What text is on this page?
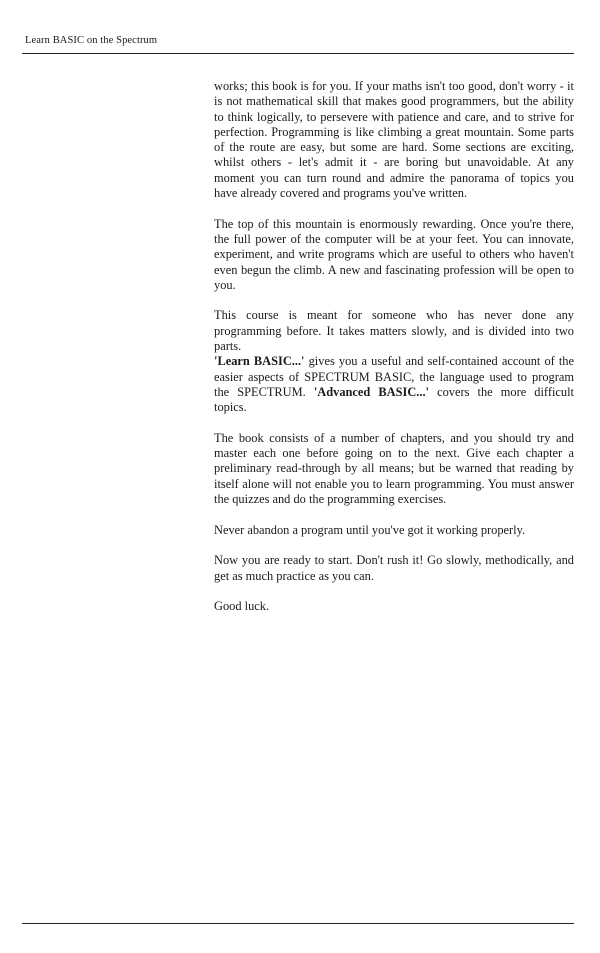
Learn BASIC on the Spectrum

works; this book is for you. If your maths isn't too good, don't worry - it is not mathematical skill that makes good programmers, but the ability to think logically, to persevere with patience and care, and to strive for perfection. Programming is like climbing a great mountain. Some parts of the route are easy, but some are hard. Some sections are exciting, whilst others - let's admit it - are boring but unavoidable. At any moment you can turn round and admire the panorama of topics you have already covered and programs you've written.

The top of this mountain is enormously rewarding. Once you're there, the full power of the computer will be at your feet. You can innovate, experiment, and write programs which are useful to others who haven't even begun the climb. A new and fascinating profession will be open to you.

This course is meant for someone who has never done any programming before. It takes matters slowly, and is divided into two parts.
'Learn BASIC...' gives you a useful and self-contained account of the easier aspects of SPECTRUM BASIC, the language used to program the SPECTRUM. 'Advanced BASIC...' covers the more difficult topics.

The book consists of a number of chapters, and you should try and master each one before going on to the next. Give each chapter a preliminary read-through by all means; but be warned that reading by itself alone will not enable you to learn programming. You must answer the quizzes and do the programming exercises.

Never abandon a program until you've got it working properly.

Now you are ready to start. Don't rush it! Go slowly, methodically, and get as much practice as you can.

Good luck.
